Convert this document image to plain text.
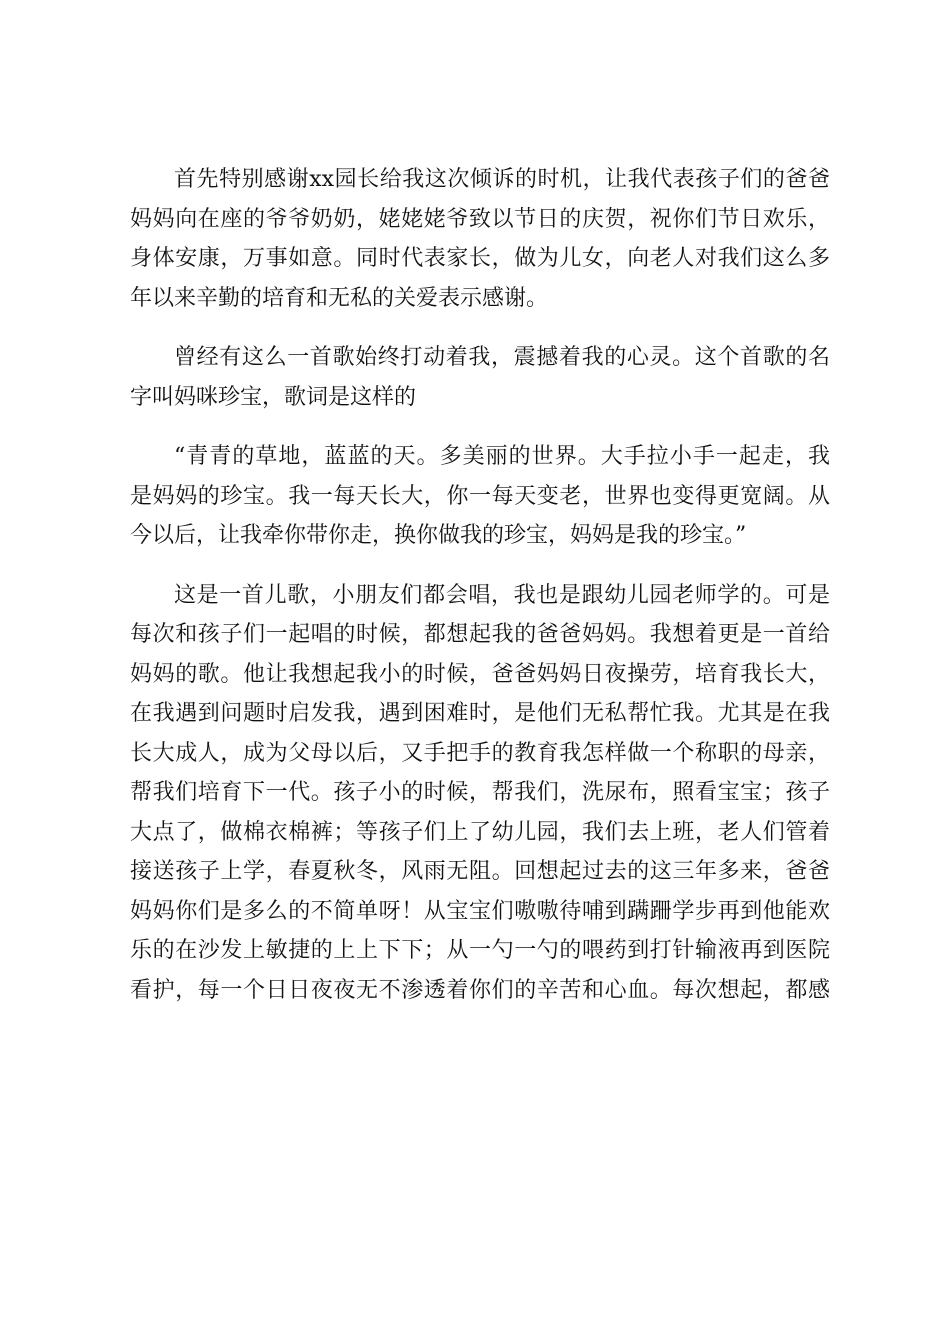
首先特别感谢xx园长给我这次倾诉的时机，让我代表孩子们的爸爸
妈妈向在座的爷爷奶奶，姥姥姥爷致以节日的庆贺，祝你们节日欢乐，
身体安康，万事如意。同时代表家长，做为儿女，向老人对我们这么多
年以来辛勤的培育和无私的关爱表示感谢。
曾经有这么一首歌始终打动着我，震撼着我的心灵。这个首歌的名
字叫妈咪珍宝，歌词是这样的
“青青的草地，蓝蓝的天。多美丽的世界。大手拉小手一起走，我
是妈妈的珍宝。我一每天长大，你一每天变老，世界也变得更宽阔。从
今以后，让我牵你带你走，换你做我的珍宝，妈妈是我的珍宝。”
这是一首儿歌，小朋友们都会唱，我也是跟幼儿园老师学的。可是
每次和孩子们一起唱的时候，都想起我的爸爸妈妈。我想着更是一首给
妈妈的歌。他让我想起我小的时候，爸爸妈妈日夜操劳，培育我长大，
在我遇到问题时启发我，遇到困难时，是他们无私帮忙我。尤其是在我
长大成人，成为父母以后，又手把手的教育我怎样做一个称职的母亲，
帮我们培育下一代。孩子小的时候，帮我们，洗尿布，照看宝宝；孩子
大点了，做棉衣棉裤；等孩子们上了幼儿园，我们去上班，老人们管着
接送孩子上学，春夏秋冬，风雨无阻。回想起过去的这三年多来，爸爸
妈妈你们是多么的不简单呀！从宝宝们嗷嗷待哺到蹒跚学步再到他能欢
乐的在沙发上敏捷的上上下下；从一勺一勺的喂药到打针输液再到医院
看护，每一个日日夜夜无不渗透着你们的辛苦和心血。每次想起，都感
